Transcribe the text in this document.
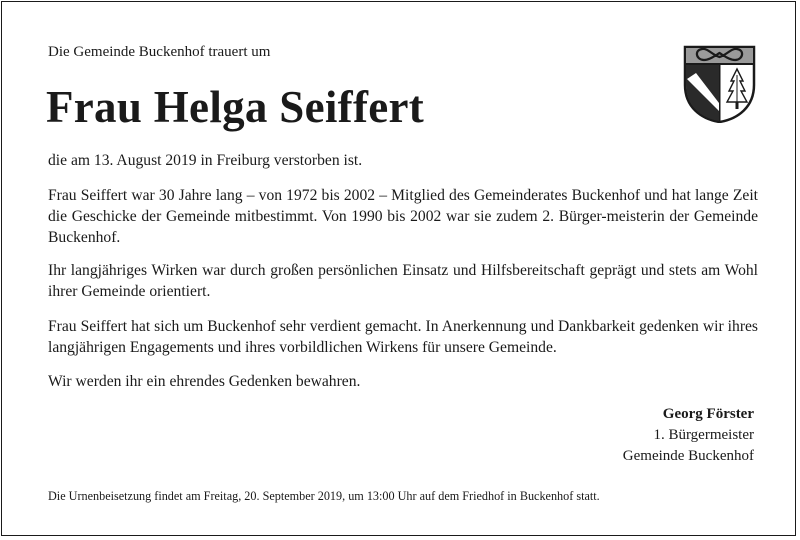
Die Gemeinde Buckenhof trauert um
Frau Helga Seiffert

die am 13. August 2019 in Freiburg verstorben ist.

Frau Seiffert war 30 Jahre lang – von 1972 bis 2002 – Mitglied des Gemeinderates Buckenhof und hat lange Zeit die Geschicke der Gemeinde mitbestimmt. Von 1990 bis 2002 war sie zudem 2. Bürger-meisterin der Gemeinde Buckenhof.

Ihr langjähriges Wirken war durch großen persönlichen Einsatz und Hilfsbereitschaft geprägt und stets am Wohl ihrer Gemeinde orientiert.

Frau Seiffert hat sich um Buckenhof sehr verdient gemacht. In Anerkennung und Dankbarkeit gedenken wir ihres langjährigen Engagements und ihres vorbildlichen Wirkens für unsere Gemeinde.

Wir werden ihr ein ehrendes Gedenken bewahren.

Georg Förster
1. Bürgermeister
Gemeinde Buckenhof
Die Urnenbeisetzung findet am Freitag, 20. September 2019, um 13:00 Uhr auf dem Friedhof in Buckenhof statt.
